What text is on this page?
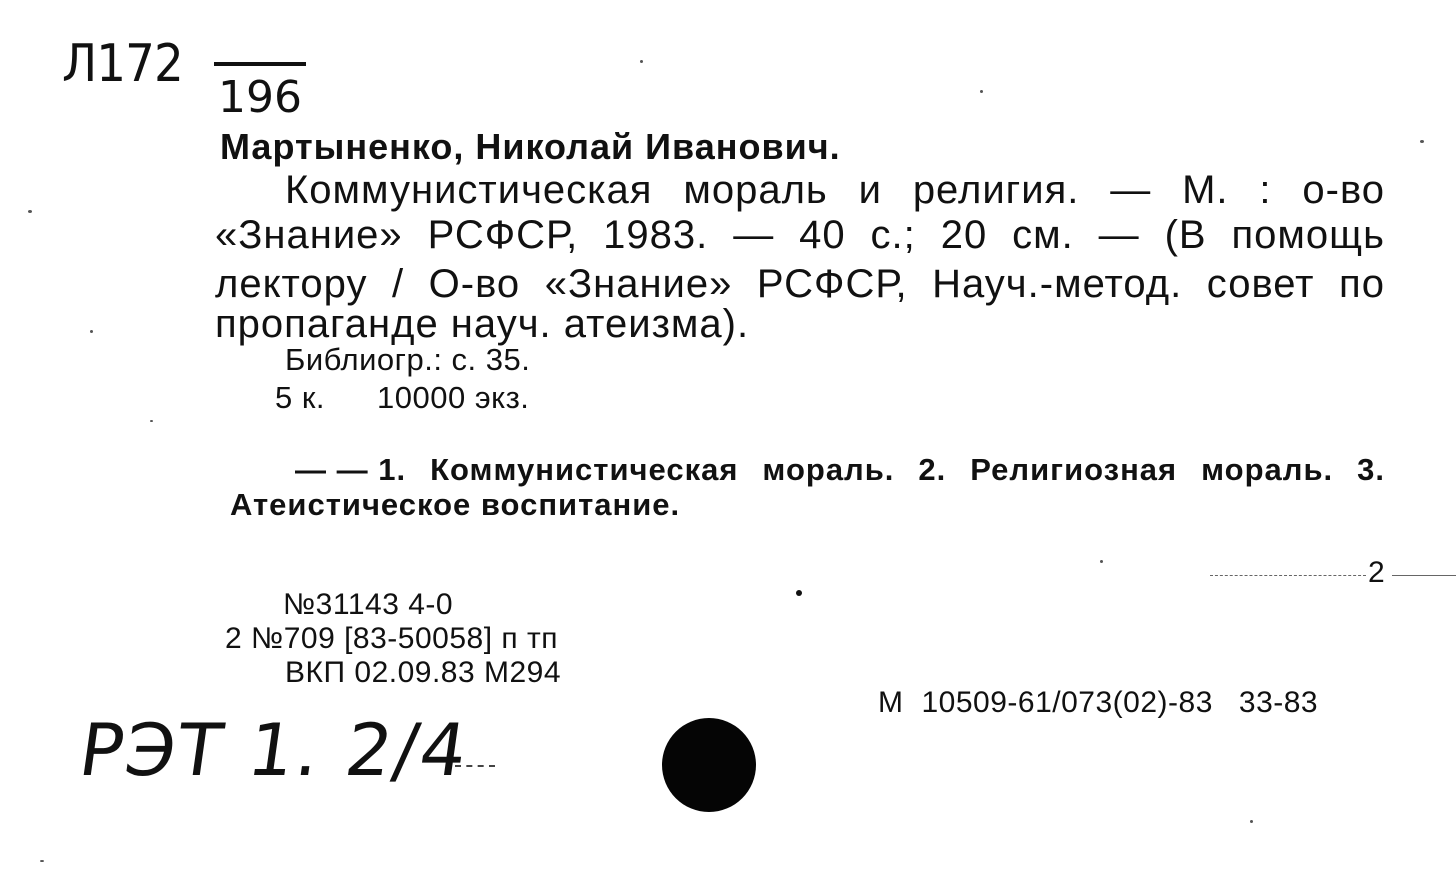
Л172
196
Мартыненко, Николай Иванович.
Коммунистическая мораль и религия. — М. : о-во
«Знание» РСФСР, 1983. — 40 с.; 20 см. — (В помощь
лектору / О-во «Знание» РСФСР, Науч.-метод. совет по
пропаганде науч. атеизма).
Библиогр.: с. 35.
5 к. 10000 экз.
— — 1. Коммунистическая мораль. 2. Религиозная мораль. 3.
Атеистическое воспитание.
2
№31143 4-0
2 №709 [83-50058] п тп
ВКП 02.09.83 М294
М 10509-61/073(02)-83 33-83
РЭТ 1. 2/4
